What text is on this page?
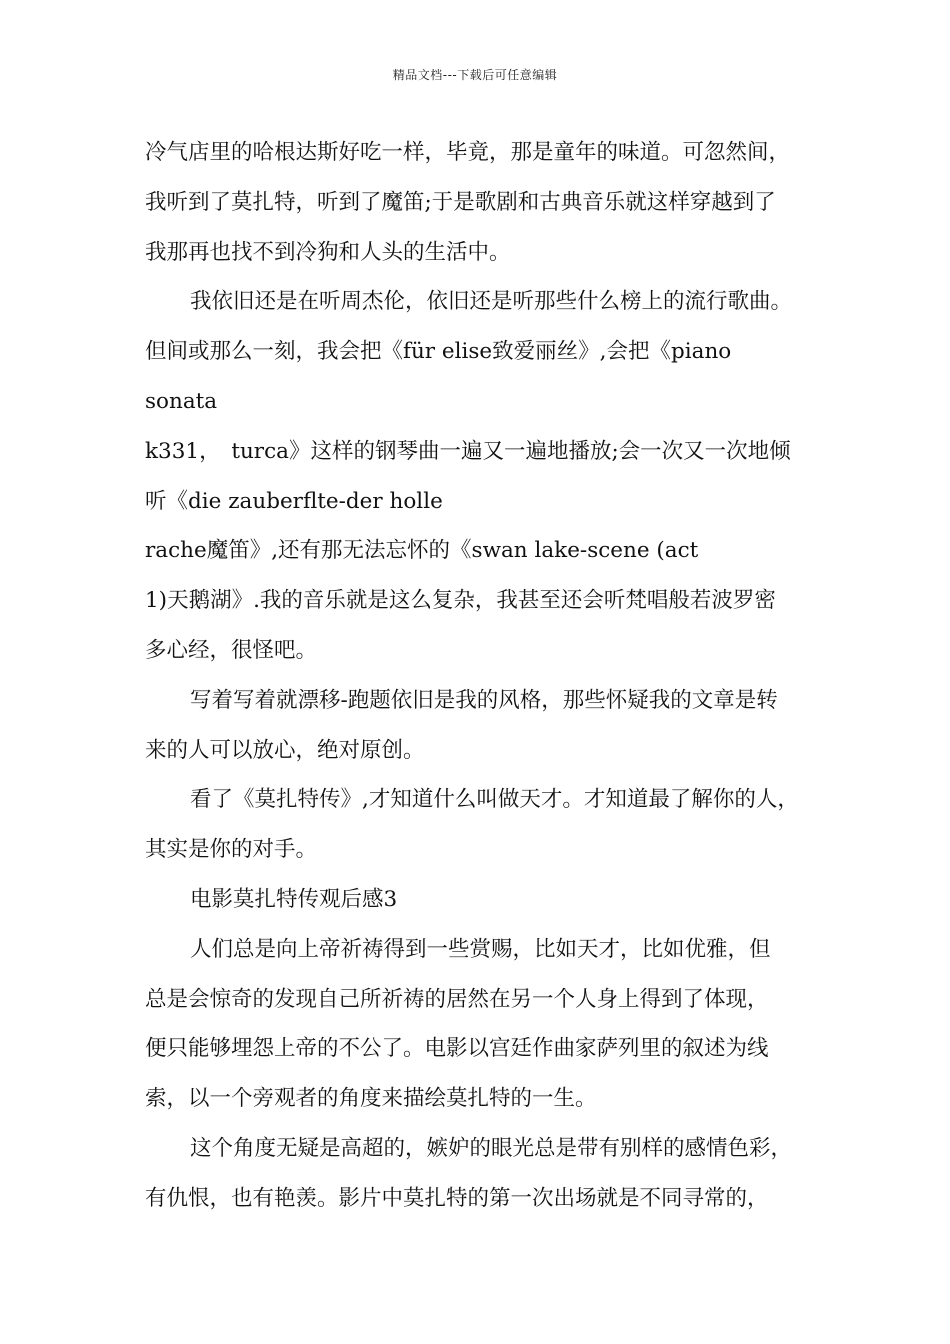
精品文档---下载后可任意编辑
冷气店里的哈根达斯好吃一样，毕竟，那是童年的味道。可忽然间，
我听到了莫扎特，听到了魔笛;于是歌剧和古典音乐就这样穿越到了
我那再也找不到冷狗和人头的生活中。
我依旧还是在听周杰伦，依旧还是听那些什么榜上的流行歌曲。
但间或那么一刻，我会把《für elise致爱丽丝》,会把《piano
sonata
k331，　turca》这样的钢琴曲一遍又一遍地播放;会一次又一次地倾
听《die zauberflte-der holle
rache魔笛》,还有那无法忘怀的《swan lake-scene (act
1)天鹅湖》.我的音乐就是这么复杂，我甚至还会听梵唱般若波罗密
多心经，很怪吧。
写着写着就漂移-跑题依旧是我的风格，那些怀疑我的文章是转
来的人可以放心，绝对原创。
看了《莫扎特传》,才知道什么叫做天才。才知道最了解你的人，
其实是你的对手。
电影莫扎特传观后感3
人们总是向上帝祈祷得到一些赏赐，比如天才，比如优雅，但
总是会惊奇的发现自己所祈祷的居然在另一个人身上得到了体现，
便只能够埋怨上帝的不公了。电影以宫廷作曲家萨列里的叙述为线
索，以一个旁观者的角度来描绘莫扎特的一生。
这个角度无疑是高超的，嫉妒的眼光总是带有别样的感情色彩，
有仇恨，也有艳羡。影片中莫扎特的第一次出场就是不同寻常的，
